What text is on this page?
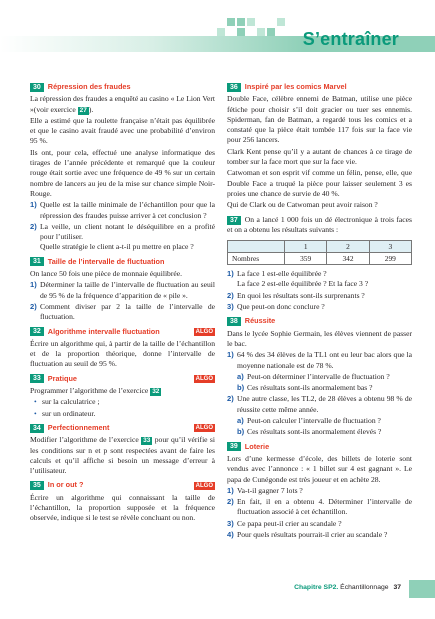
S’entraîner
30 Répression des fraudes

La répression des fraudes a enquêté au casino « Le Lion Vert »(voir exercice 27 ).

Elle a estimé que la roulette française n’était pas équilibrée et que le casino avait fraudé avec une probabilité d’environ 95 %.

Ils ont, pour cela, effectué une analyse informatique des tirages de l’année précédente et remarqué que la couleur rouge était sortie avec une fréquence de 49 % sur un certain nombre de lancers au jeu de la mise sur chance simple Noir-Rouge.

1) Quelle est la taille minimale de l’échantillon pour que la répression des fraudes puisse arriver à cet conclusion ?
2) La veille, un client notant le déséquilibre en a profité pour l’utiliser.
Quelle stratégie le client a-t-il pu mettre en place ?
31 Taille de l’intervalle de fluctuation

On lance 50 fois une pièce de monnaie équilibrée.

1) Déterminer la taille de l’intervalle de fluctuation au seuil de 95 % de la fréquence d’apparition de « pile ».
2) Comment diviser par 2 la taille de l’intervalle de fluctuation.
32 Algorithme intervalle fluctuation	ALGO

Écrire un algorithme qui, à partir de la taille de l’échantillon et de la proportion théorique, donne l’intervalle de fluctuation au seuil de 95 %.

33 Pratique	ALGO

Programmer l’algorithme de l’exercice 32

• sur la calculatrice ;
• sur un ordinateur.
34 Perfectionnement	ALGO

Modifier l’algorithme de l’exercice 33 pour qu’il vérifie si les conditions sur n et p sont respectées avant de faire les calculs et qu’il affiche si besoin un message d’erreur à l’utilisateur.

35 In or out ?	ALGO

Écrire un algorithme qui connaissant la taille de l’échantillon, la proportion supposée et la fréquence observée, indique si le test se révèle concluant ou non.

36 Inspiré par les comics Marvel

Double Face, célèbre ennemi de Batman, utilise une pièce fétiche pour choisir s’il doit gracier ou tuer ses ennemis. Spiderman, fan de Batman, a regardé tous les comics et a constaté que la pièce était tombée 117 fois sur la face vie pour 256 lancers.

Clark Kent pense qu’il y a autant de chances à ce tirage de tomber sur la face mort que sur la face vie.

Catwoman et son esprit vif comme un félin, pense, elle, que Double Face a truqué la pièce pour laisser seulement 3 es proies une chance de survie de 40 %.

Qui de Clark ou de Catwoman peut avoir raison ?

37 On a lancé 1 000 fois un dé électronique à trois faces et on a obtenu les résultats suivants :

	1	2	3
Nombres	359	342	299
1) La face 1 est-elle équilibrée ?
La face 2 est-elle équilibrée ? Et la face 3 ?
2) En quoi les résultats sont-ils surprenants ?
3) Que peut-on donc conclure ?
38 Réussite

Dans le lycée Sophie Germain, les élèves viennent de passer le bac.

1) 64 % des 34 élèves de la TL1 ont eu leur bac alors que la moyenne nationale est de 78 %.
a) Peut-on déterminer l’intervalle de fluctuation ?
b) Ces résultats sont-ils anormalement bas ?
2) Une autre classe, les TL2, de 28 élèves a obtenu 98 % de réussite cette même année.
a) Peut-on calculer l’intervalle de fluctuation ?
b) Ces résultats sont-ils anormalement élevés ?
39 Loterie

Lors d’une kermesse d’école, des billets de loterie sont vendus avec l’annonce : « 1 billet sur 4 est gagnant ». Le papa de Cunégonde est très joueur et en achète 28.

1) Va-t-il gagner 7 lots ?
2) En fait, il en a obtenu 4. Déterminer l’intervalle de fluctuation associé à cet échantillon.
3) Ce papa peut-il crier au scandale ?
4) Pour quels résultats pourrait-il crier au scandale ?
Chapitre SP2. Échantillonnage 37
